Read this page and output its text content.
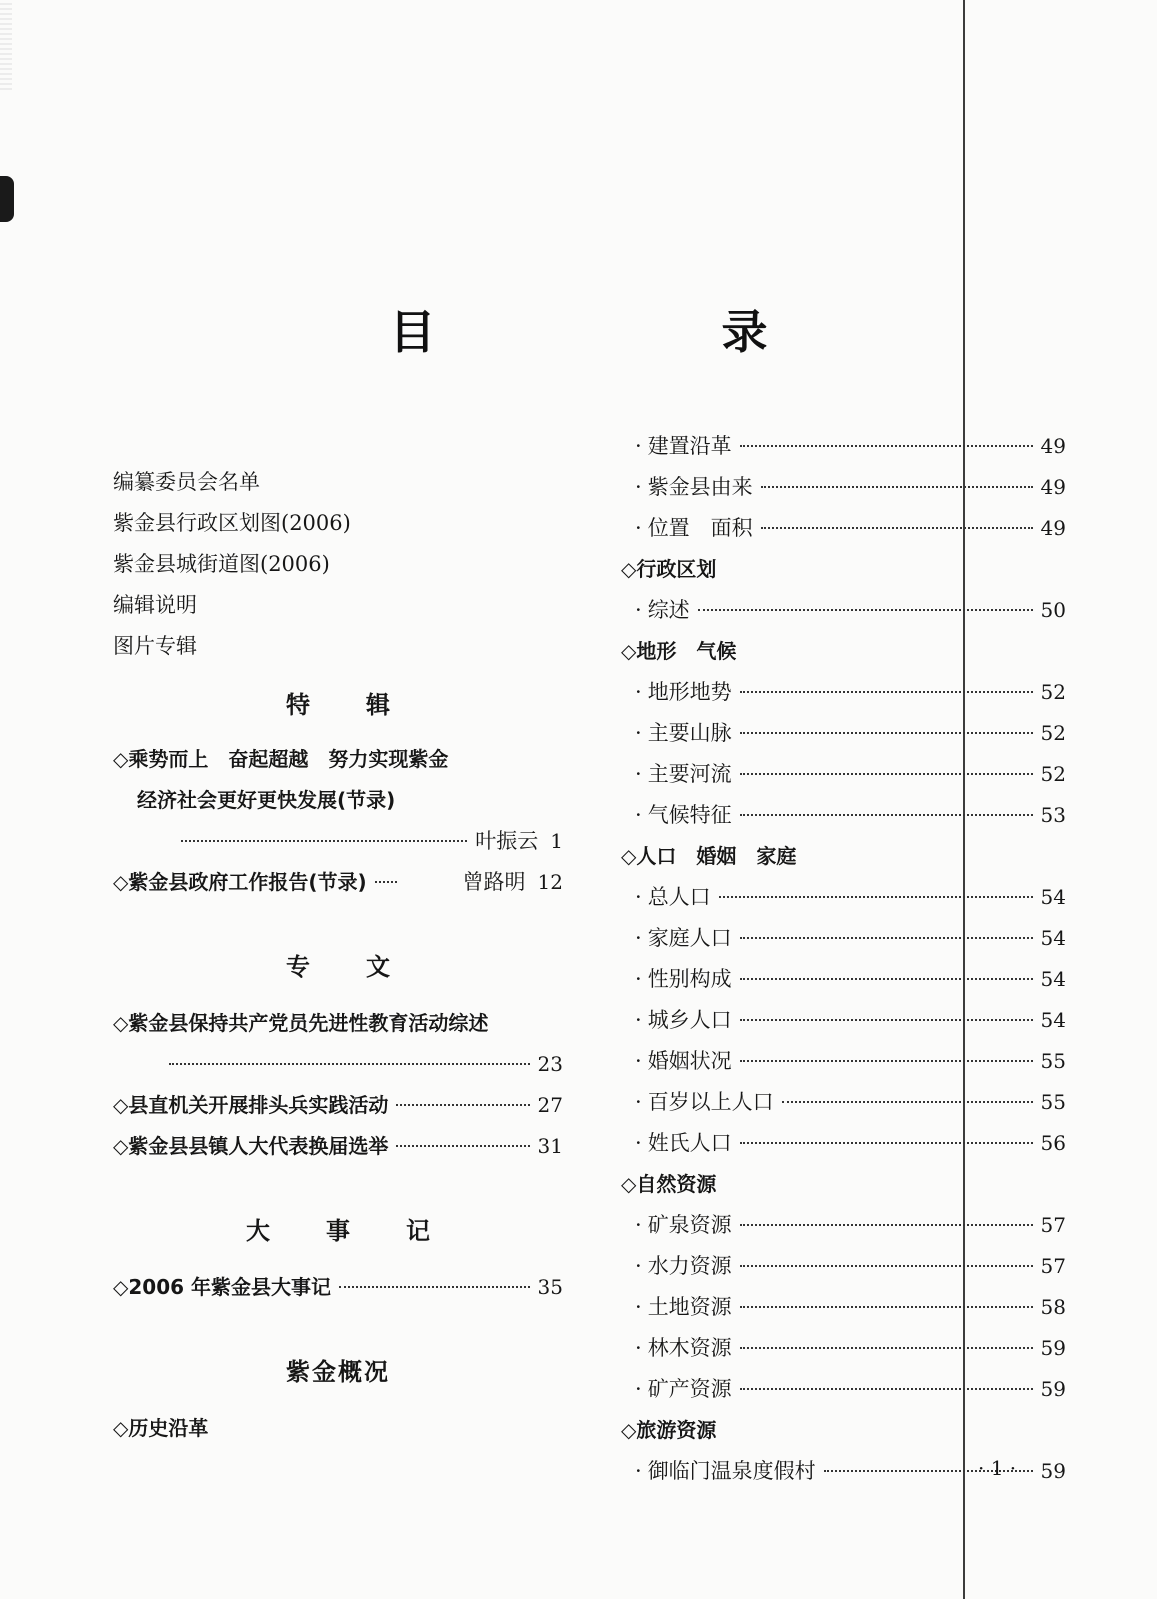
目　录
编纂委员会名单
紫金县行政区划图(2006)
紫金县城街道图(2006)
编辑说明
图片专辑
特辑
◇乘势而上　奋起超越　努力实现紫金
经济社会更好更快发展(节录)
叶振云 1
◇紫金县政府工作报告(节录)	曾路明 12
专文
◇紫金县保持共产党员先进性教育活动综述
23
◇县直机关开展排头兵实践活动	27
◇紫金县县镇人大代表换届选举	31
大事记
◇2006 年紫金县大事记	35
紫金概况
◇历史沿革
· 建置沿革	49
· 紫金县由来	49
· 位置　面积	49
◇行政区划
· 综述	50
◇地形　气候
· 地形地势	52
· 主要山脉	52
· 主要河流	52
· 气候特征	53
◇人口　婚姻　家庭
· 总人口	54
· 家庭人口	54
· 性别构成	54
· 城乡人口	54
· 婚姻状况	55
· 百岁以上人口	55
· 姓氏人口	56
◇自然资源
· 矿泉资源	57
· 水力资源	57
· 土地资源	58
· 林木资源	59
· 矿产资源	59
◇旅游资源
· 御临门温泉度假村	59
· 1 ·
